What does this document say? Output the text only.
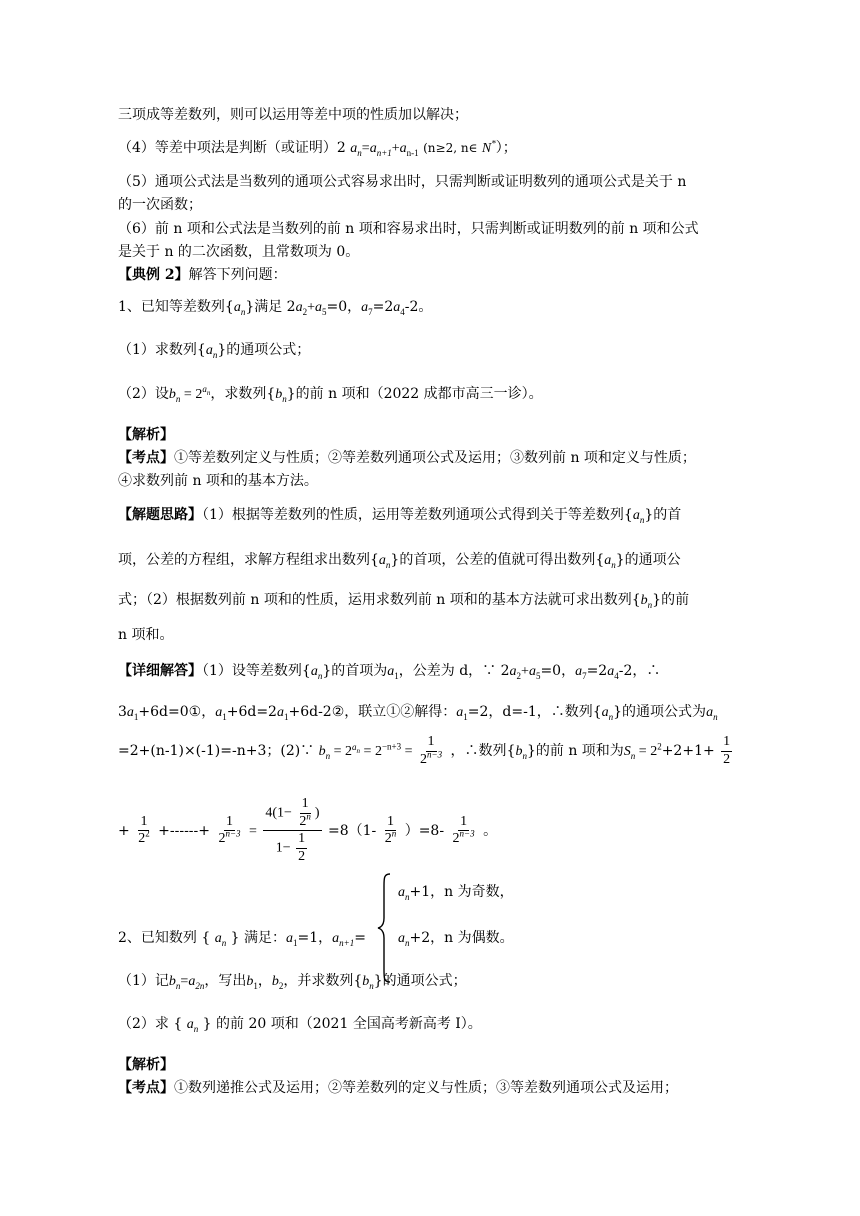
三项成等差数列，则可以运用等差中项的性质加以解决；
（4）等差中项法是判断（或证明）2 $a_n=a_{n+1}+a_{n-1}$ (n≥2, n∈ N*）；
（5）通项公式法是当数列的通项公式容易求出时，只需判断或证明数列的通项公式是关于 n
的一次函数；
（6）前 n 项和公式法是当数列的前 n 项和容易求出时，只需判断或证明数列的前 n 项和公式
是关于 n 的二次函数，且常数项为 0。
【典例 2】解答下列问题：
1、已知等差数列$\{a_n\}$满足 $2a_2+a_5=0$，$a_7=2a_4-2$。
（1）求数列$\{a_n\}$的通项公式；
（2）设$b_n = 2^{a_n}$，求数列$\{b_n\}$的前 n 项和（2022 成都市高三一诊）。
【解析】
【考点】①等差数列定义与性质；②等差数列通项公式及运用；③数列前 n 项和定义与性质；
④求数列前 n 项和的基本方法。
【解题思路】（1）根据等差数列的性质，运用等差数列通项公式得到关于等差数列$\{a_n\}$的首
项，公差的方程组，求解方程组求出数列$\{a_n\}$的首项，公差的值就可得出数列$\{a_n\}$的通项公
式；（2）根据数列前 n 项和的性质，运用求数列前 n 项和的基本方法就可求出数列$\{b_n\}$的前
n 项和。
【详细解答】（1）设等差数列$\{a_n\}$的首项为$a_1$，公差为 d，∵ $2a_2+a_5=0$，$a_7=2a_4-2$，∴
$3a_1+6d=0①$，$a_1+6d=2a_1+6d-2②$，联立①②解得：$a_1=2$，d=-1，∴数列$\{a_n\}$的通项公式为$a_n$
=2+(n-1)×(-1)=-n+3；(2)∵ $b_n = 2^{a_n} = 2^{-n+3} = \frac{1}{2^{n-3}}$ ，∴数列$\{b_n\}$的前 n 项和为$S_n = 2^2+2+1+ \frac{1}{2}$
+ $\frac{1}{2^2}$ +------+ $\frac{1}{2^{n-3}} = \frac{4(1- \frac{1}{2^n} )}{1- \frac{1}{2}} =8(1- \frac{1}{2^n} )=8- \frac{1}{2^{n-3}}$ 。
$a_n+1$，n 为奇数，
$a_n+2$，n 为偶数。
2、已知数列 { $a_n$ } 满足：$a_1=1$，$a_{n+1}=$
（1）记$b_n=a_{2n}$，写出$b_1$，$b_2$，并求数列$\{b_n\}$的通项公式；
（2）求 { $a_n$ } 的前 20 项和（2021 全国高考新高考 I）。
【解析】
【考点】①数列递推公式及运用；②等差数列的定义与性质；③等差数列通项公式及运用；
